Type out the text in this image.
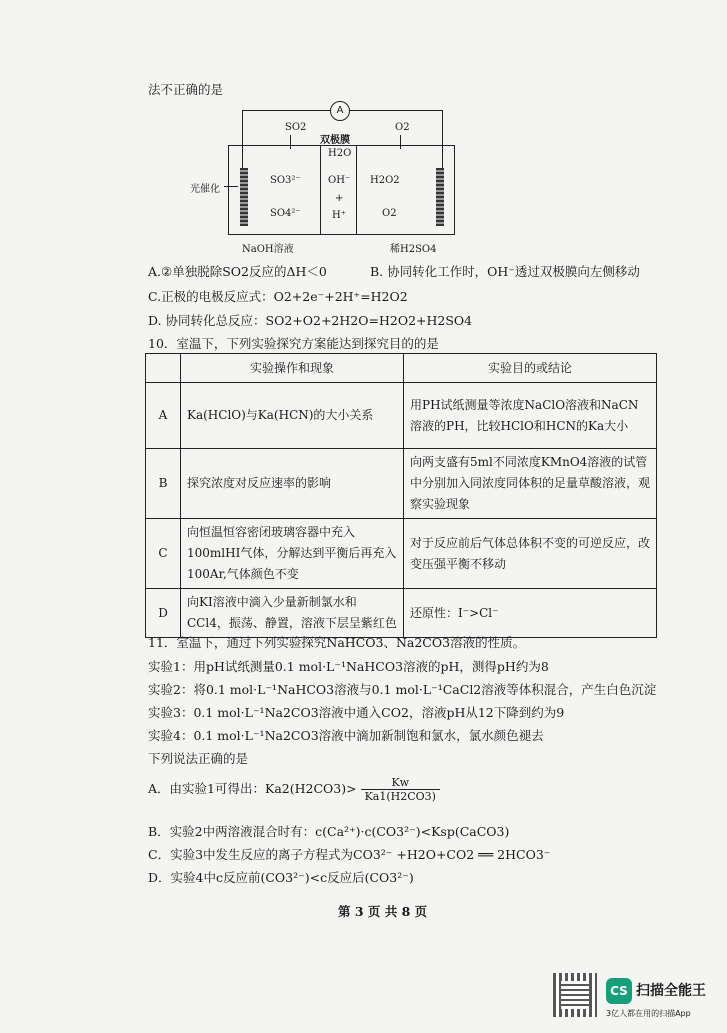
法不正确的是
A
SO2
双极膜
O2
H2O
OH⁻
+
H⁺
SO3²⁻
SO4²⁻
H2O2
O2
光催化
NaOH溶液	稀H2SO4
A.②单独脱除SO2反应的ΔH＜0	B. 协同转化工作时，OH⁻透过双极膜向左侧移动
C.正极的电极反应式：O2+2e⁻+2H⁺=H2O2
D. 协同转化总反应：SO2+O2+2H2O=H2O2+H2SO4
10．室温下，下列实验探究方案能达到探究目的的是
	实验操作和现象	实验目的或结论
A	Ka(HClO)与Ka(HCN)的大小关系	用PH试纸测量等浓度NaClO溶液和NaCN溶液的PH，比较HClO和HCN的Ka大小
B	探究浓度对反应速率的影响	向两支盛有5ml不同浓度KMnO4溶液的试管中分别加入同浓度同体积的足量草酸溶液，观察实验现象
C	向恒温恒容密闭玻璃容器中充入100mlHI气体，分解达到平衡后再充入100Ar,气体颜色不变	对于反应前后气体总体积不变的可逆反应，改变压强平衡不移动
D	向KI溶液中滴入少量新制氯水和CCl4，振荡、静置，溶液下层呈紫红色	还原性：I⁻>Cl⁻
11．室温下，通过下列实验探究NaHCO3、Na2CO3溶液的性质。
实验1：用pH试纸测量0.1 mol·L⁻¹NaHCO3溶液的pH，测得pH约为8
实验2：将0.1 mol·L⁻¹NaHCO3溶液与0.1 mol·L⁻¹CaCl2溶液等体积混合，产生白色沉淀
实验3：0.1 mol·L⁻¹Na2CO3溶液中通入CO2，溶液pH从12下降到约为9
实验4：0.1 mol·L⁻¹Na2CO3溶液中滴加新制饱和氯水，氯水颜色褪去
下列说法正确的是
A．由实验1可得出：$Ka2(H2CO3)> \frac{Kw}{Ka1(H2CO3)}$
B．实验2中两溶液混合时有：c(Ca²⁺)·c(CO3²⁻)<Ksp(CaCO3)
C．实验3中发生反应的离子方程式为CO3²⁻ +H2O+CO2 ══ 2HCO3⁻
D．实验4中c反应前(CO3²⁻)<c反应后(CO3²⁻)
第 3 页 共 8 页
CS 扫描全能王
3亿人都在用的扫描App
